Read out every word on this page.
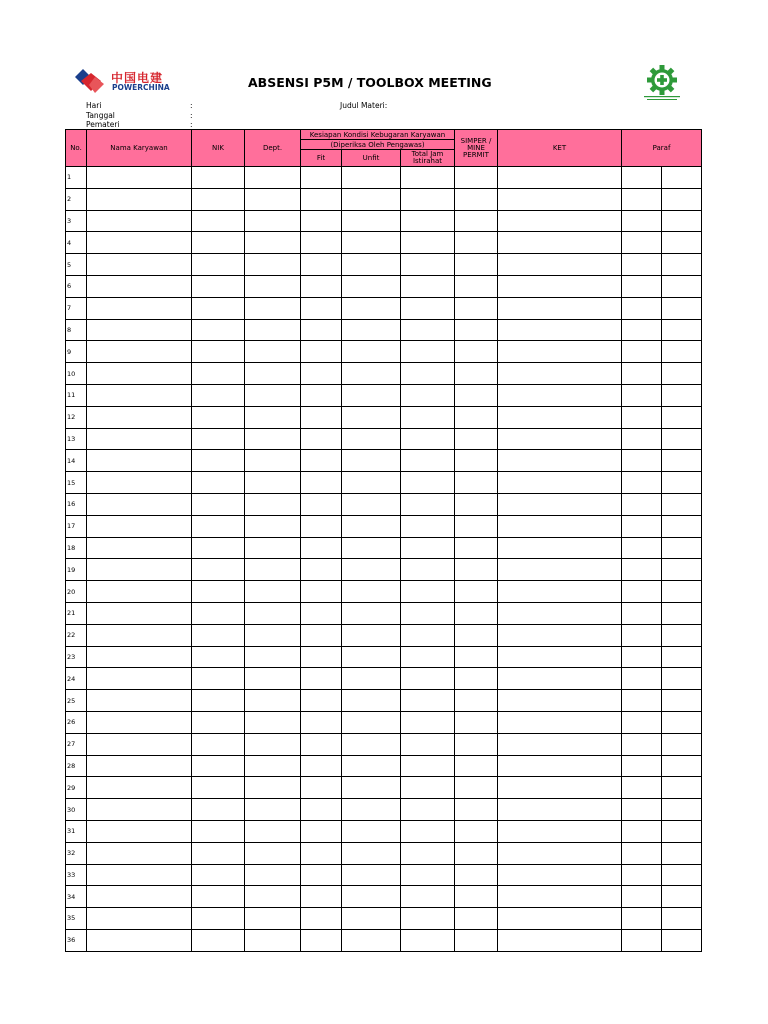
中国电建
POWERCHINA	ABSENSI P5M / TOOLBOX MEETING
Hari	:
Tanggal	:
Pemateri	:
Judul Materi:
No.	Nama Karyawan	NIK	Dept.	Kesiapan Kondisi Kebugaran Karyawan			SIMPER / MINE PERMIT	KET	Paraf	
				(Diperiksa Oleh Pengawas)						
				Fit	Unfit	Total Jam Istirahat				
1										
2										
3										
4										
5										
6										
7										
8										
9										
10										
11										
12										
13										
14										
15										
16										
17										
18										
19										
20										
21										
22										
23										
24										
25										
26										
27										
28										
29										
30										
31										
32										
33										
34										
35										
36										
